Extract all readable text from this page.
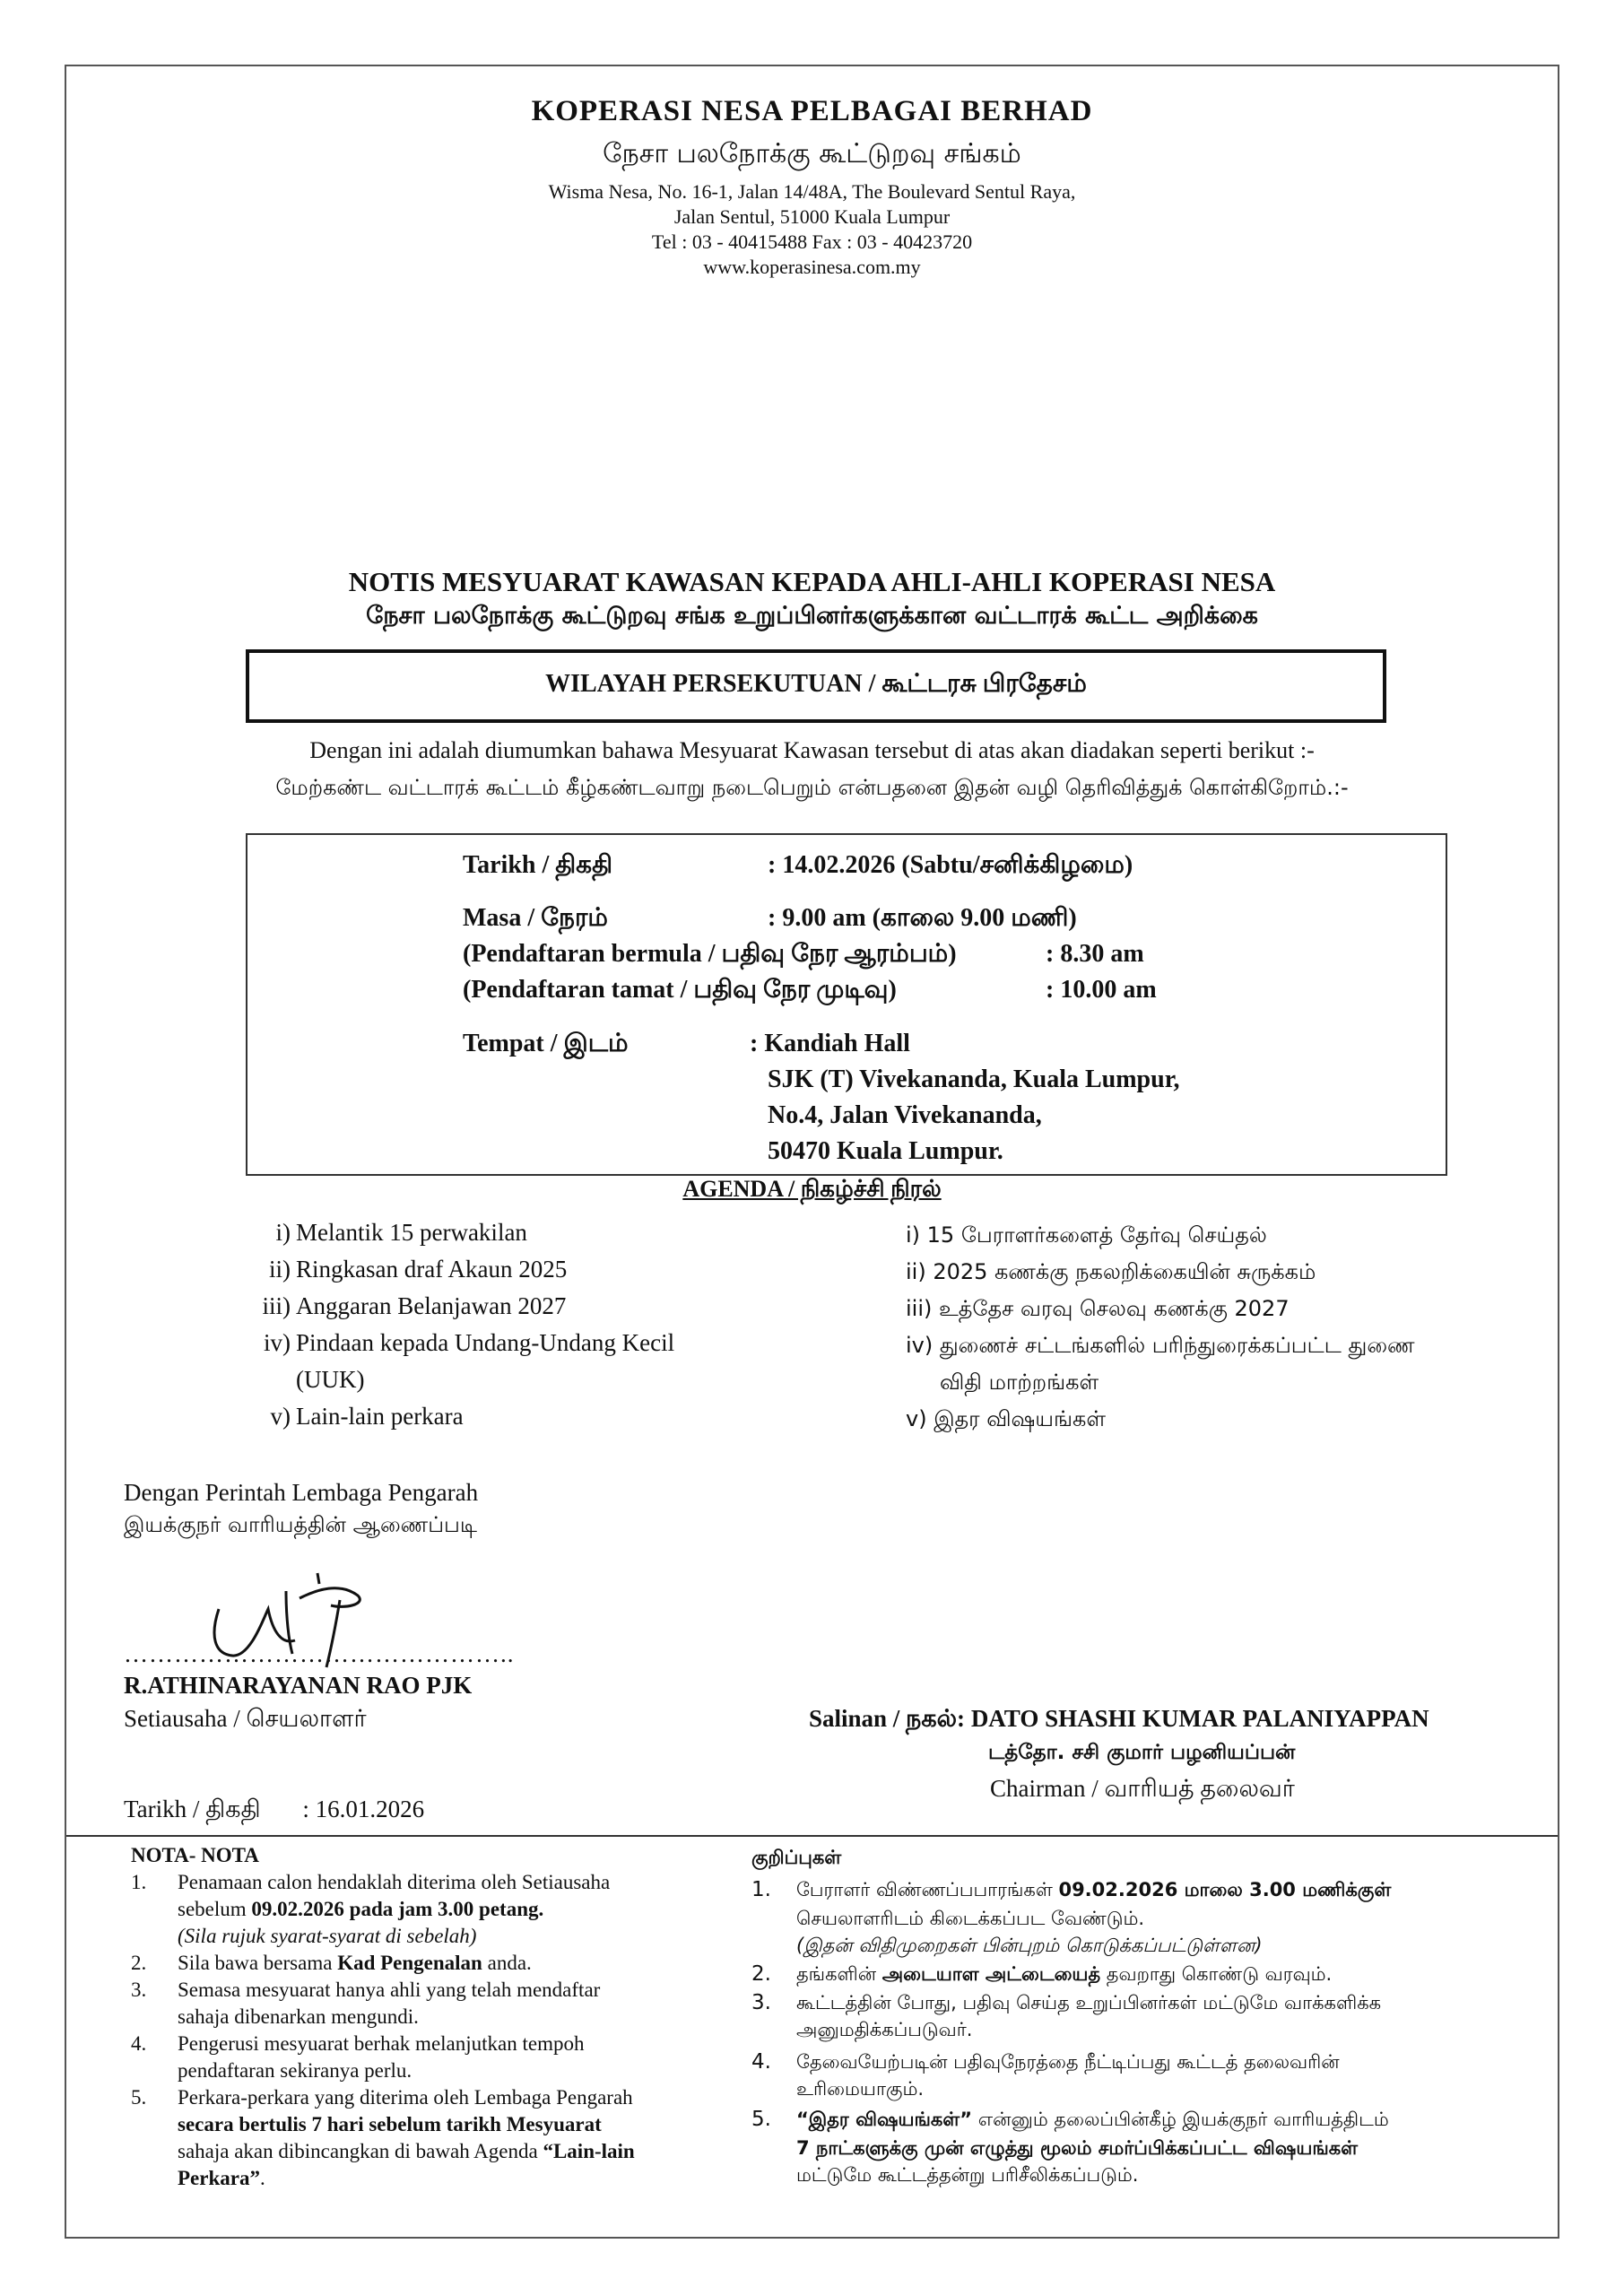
KOPERASI NESA PELBAGAI BERHAD
நேசா பலநோக்கு கூட்டுறவு சங்கம்
Wisma Nesa, No. 16-1, Jalan 14/48A, The Boulevard Sentul Raya,
Jalan Sentul, 51000 Kuala Lumpur
Tel : 03 - 40415488 Fax : 03 - 40423720
www.koperasinesa.com.my
NOTIS MESYUARAT KAWASAN KEPADA AHLI-AHLI KOPERASI NESA
நேசா பலநோக்கு கூட்டுறவு சங்க உறுப்பினர்களுக்கான வட்டாரக் கூட்ட அறிக்கை
WILAYAH PERSEKUTUAN / கூட்டரசு பிரதேசம்
Dengan ini adalah diumumkan bahawa Mesyuarat Kawasan tersebut di atas akan diadakan seperti berikut :-
மேற்கண்ட வட்டாரக் கூட்டம் கீழ்கண்டவாறு நடைபெறும் என்பதனை இதன் வழி தெரிவித்துக் கொள்கிறோம்.:-
Tarikh / திகதி	: 14.02.2026 (Sabtu/சனிக்கிழமை)
Masa / நேரம்	: 9.00 am (காலை 9.00 மணி)
(Pendaftaran bermula / பதிவு நேர ஆரம்பம்)	: 8.30 am
(Pendaftaran tamat / பதிவு நேர முடிவு)	: 10.00 am
Tempat / இடம்	: Kandiah Hall
SJK (T) Vivekananda, Kuala Lumpur,
No.4, Jalan Vivekananda,
50470 Kuala Lumpur.
AGENDA / நிகழ்ச்சி நிரல்
i) Melantik 15 perwakilan
ii) Ringkasan draf Akaun 2025
iii) Anggaran Belanjawan 2027
iv) Pindaan kepada Undang-Undang Kecil
(UUK)
v) Lain-lain perkara
i) 15 பேராளர்களைத் தேர்வு செய்தல்
ii) 2025 கணக்கு நகலறிக்கையின் சுருக்கம்
iii) உத்தேச வரவு செலவு கணக்கு 2027
iv) துணைச் சட்டங்களில் பரிந்துரைக்கப்பட்ட துணை
விதி மாற்றங்கள்
v) இதர விஷயங்கள்
Dengan Perintah Lembaga Pengarah
இயக்குநர் வாரியத்தின் ஆணைப்படி
………………………………………..
R.ATHINARAYANAN RAO PJK
Setiausaha / செயலாளர்	Salinan / நகல்: DATO SHASHI KUMAR PALANIYAPPAN
டத்தோ. சசி குமார் பழனியப்பன்
Chairman / வாரியத் தலைவர்
Tarikh / திகதி : 16.01.2026
NOTA- NOTA
1. Penamaan calon hendaklah diterima oleh Setiausaha
sebelum 09.02.2026 pada jam 3.00 petang.
(Sila rujuk syarat-syarat di sebelah)
2. Sila bawa bersama Kad Pengenalan anda.
3. Semasa mesyuarat hanya ahli yang telah mendaftar
sahaja dibenarkan mengundi.
4. Pengerusi mesyuarat berhak melanjutkan tempoh
pendaftaran sekiranya perlu.
5. Perkara-perkara yang diterima oleh Lembaga Pengarah
secara bertulis 7 hari sebelum tarikh Mesyuarat
sahaja akan dibincangkan di bawah Agenda “Lain-lain
Perkara”.
குறிப்புகள்
1. பேராளர் விண்ணப்பபாரங்கள் 09.02.2026 மாலை 3.00 மணிக்குள்
செயலாளரிடம் கிடைக்கப்பட வேண்டும்.
(இதன் விதிமுறைகள் பின்புறம் கொடுக்கப்பட்டுள்ளன)
2. தங்களின் அடையாள அட்டையைத் தவறாது கொண்டு வரவும்.
3. கூட்டத்தின் போது, பதிவு செய்த உறுப்பினர்கள் மட்டுமே வாக்களிக்க
அனுமதிக்கப்படுவர்.
4. தேவையேற்படின் பதிவுநேரத்தை நீட்டிப்பது கூட்டத் தலைவரின்
உரிமையாகும்.
5. “இதர விஷயங்கள்” என்னும் தலைப்பின்கீழ் இயக்குநர் வாரியத்திடம்
7 நாட்களுக்கு முன் எழுத்து மூலம் சமர்ப்பிக்கப்பட்ட விஷயங்கள்
மட்டுமே கூட்டத்தன்று பரிசீலிக்கப்படும்.
